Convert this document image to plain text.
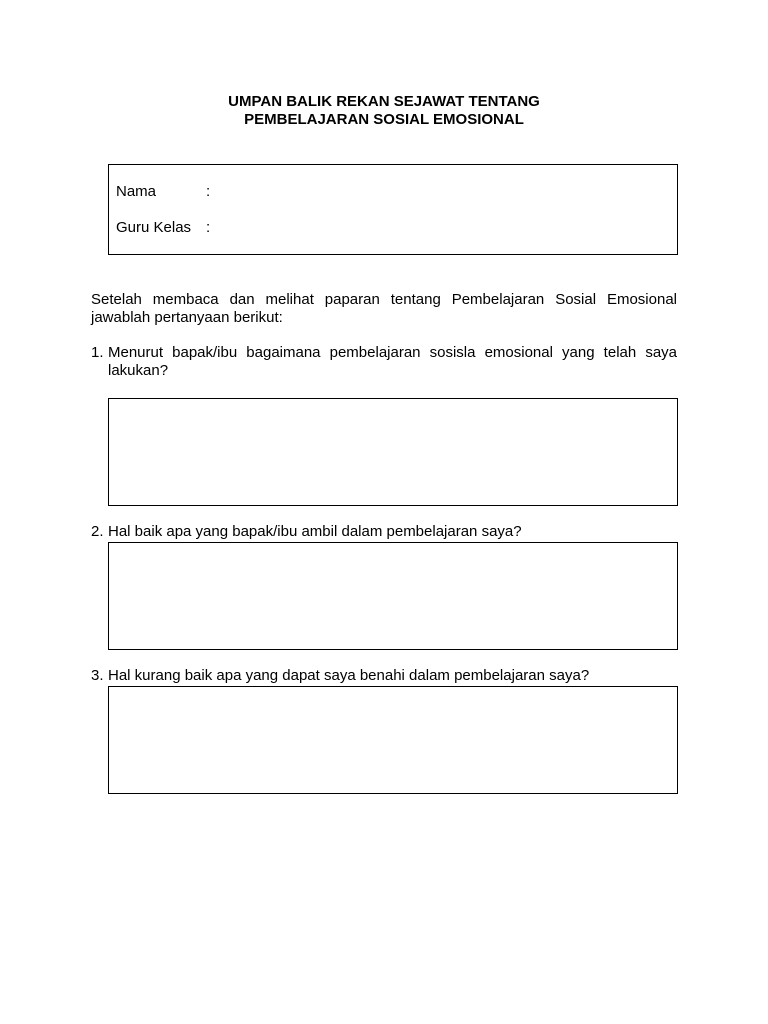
UMPAN BALIK REKAN SEJAWAT TENTANG
PEMBELAJARAN SOSIAL EMOSIONAL
Nama	:
Guru Kelas :
Setelah membaca dan melihat paparan tentang Pembelajaran Sosial Emosional jawablah pertanyaan berikut:
1. Menurut bapak/ibu bagaimana pembelajaran sosisla emosional yang telah saya lakukan?
2. Hal baik apa yang bapak/ibu ambil dalam pembelajaran saya?
3. Hal kurang baik apa yang dapat saya benahi dalam pembelajaran saya?
